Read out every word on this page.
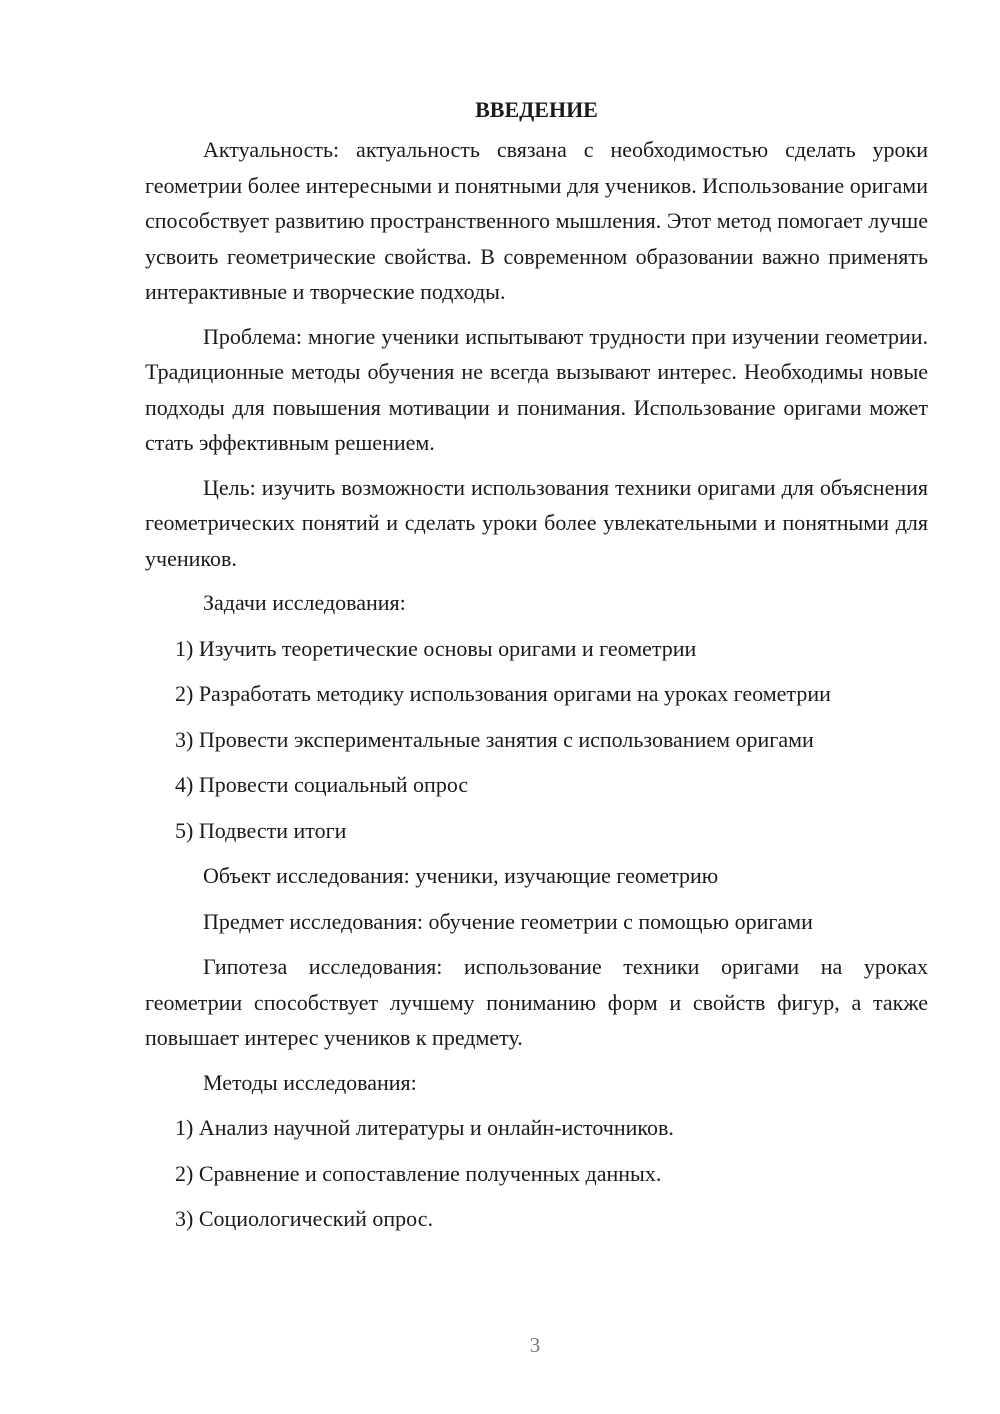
ВВЕДЕНИЕ

Актуальность: актуальность связана с необходимостью сделать уроки геометрии более интересными и понятными для учеников. Использование оригами способствует развитию пространственного мышления. Этот метод помогает лучше усвоить геометрические свойства. В современном образовании важно применять интерактивные и творческие подходы.

Проблема: многие ученики испытывают трудности при изучении геометрии. Традиционные методы обучения не всегда вызывают интерес. Необходимы новые подходы для повышения мотивации и понимания. Использование оригами может стать эффективным решением.

Цель: изучить возможности использования техники оригами для объяснения геометрических понятий и сделать уроки более увлекательными и понятными для учеников.

Задачи исследования:

1) Изучить теоретические основы оригами и геометрии
2) Разработать методику использования оригами на уроках геометрии
3) Провести экспериментальные занятия с использованием оригами
4) Провести социальный опрос
5) Подвести итоги

Объект исследования: ученики, изучающие геометрию

Предмет исследования: обучение геометрии с помощью оригами

Гипотеза исследования: использование техники оригами на уроках геометрии способствует лучшему пониманию форм и свойств фигур, а также повышает интерес учеников к предмету.

Методы исследования:

1) Анализ научной литературы и онлайн-источников.
2) Сравнение и сопоставление полученных данных.
3) Социологический опрос.
3
